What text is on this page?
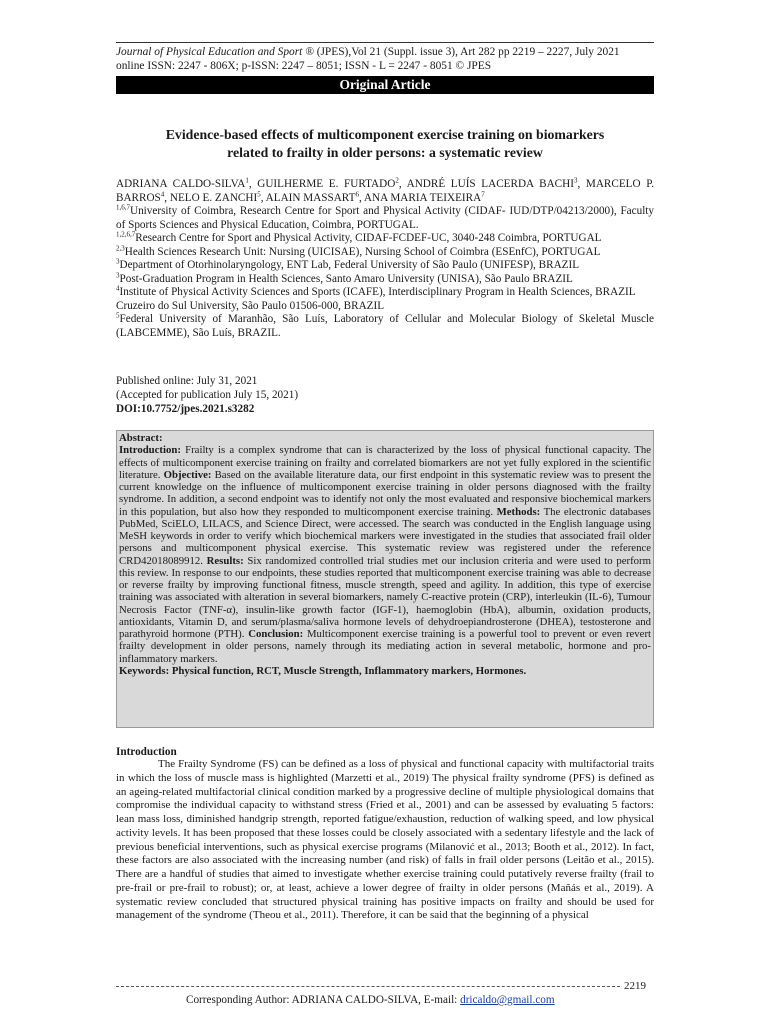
Journal of Physical Education and Sport ® (JPES),Vol 21 (Suppl. issue 3), Art 282 pp 2219 – 2227, July 2021
online ISSN: 2247 - 806X; p-ISSN: 2247 – 8051; ISSN - L = 2247 - 8051 © JPES
Original Article
Evidence-based effects of multicomponent exercise training on biomarkers
related to frailty in older persons: a systematic review

ADRIANA CALDO-SILVA$^1$, GUILHERME E. FURTADO$^2$, ANDRÉ LUÍS LACERDA BACHI$^3$, MARCELO P. BARROS$^4$, NELO E. ZANCHI$^5$, ALAIN MASSART$^6$, ANA MARIA TEIXEIRA$^7$

$^{1,6,7}$University of Coimbra, Research Centre for Sport and Physical Activity (CIDAF- IUD/DTP/04213/2000), Faculty of Sports Sciences and Physical Education, Coimbra, PORTUGAL.

$^{1,2,6,7}$Research Centre for Sport and Physical Activity, CIDAF-FCDEF-UC, 3040-248 Coimbra, PORTUGAL

$^{2,3}$Health Sciences Research Unit: Nursing (UICISAE), Nursing School of Coimbra (ESEnfC), PORTUGAL

$^3$Department of Otorhinolaryngology, ENT Lab, Federal University of São Paulo (UNIFESP), BRAZIL

$^3$Post-Graduation Program in Health Sciences, Santo Amaro University (UNISA), São Paulo BRAZIL

$^4$Institute of Physical Activity Sciences and Sports (ICAFE), Interdisciplinary Program in Health Sciences, BRAZIL

Cruzeiro do Sul University, São Paulo 01506-000, BRAZIL

$^5$Federal University of Maranhão, São Luís, Laboratory of Cellular and Molecular Biology of Skeletal Muscle (LABCEMME), São Luís, BRAZIL.

Published online: July 31, 2021

(Accepted for publication July 15, 2021)

DOI:10.7752/jpes.2021.s3282

Abstract:
Introduction: Frailty is a complex syndrome that can is characterized by the loss of physical functional capacity. The effects of multicomponent exercise training on frailty and correlated biomarkers are not yet fully explored in the scientific literature. Objective: Based on the available literature data, our first endpoint in this systematic review was to present the current knowledge on the influence of multicomponent exercise training in older persons diagnosed with the frailty syndrome. In addition, a second endpoint was to identify not only the most evaluated and responsive biochemical markers in this population, but also how they responded to multicomponent exercise training. Methods: The electronic databases PubMed, SciELO, LILACS, and Science Direct, were accessed. The search was conducted in the English language using MeSH keywords in order to verify which biochemical markers were investigated in the studies that associated frail older persons and multicomponent physical exercise. This systematic review was registered under the reference CRD42018089912. Results: Six randomized controlled trial studies met our inclusion criteria and were used to perform this review. In response to our endpoints, these studies reported that multicomponent exercise training was able to decrease or reverse frailty by improving functional fitness, muscle strength, speed and agility. In addition, this type of exercise training was associated with alteration in several biomarkers, namely C-reactive protein (CRP), interleukin (IL-6), Tumour Necrosis Factor (TNF-α), insulin-like growth factor (IGF-1), haemoglobin (HbA), albumin, oxidation products, antioxidants, Vitamin D, and serum/plasma/saliva hormone levels of dehydroepiandrosterone (DHEA), testosterone and parathyroid hormone (PTH). Conclusion: Multicomponent exercise training is a powerful tool to prevent or even revert frailty development in older persons, namely through its mediating action in several metabolic, hormone and pro-inflammatory markers.
Keywords: Physical function, RCT, Muscle Strength, Inflammatory markers, Hormones.
Introduction

The Frailty Syndrome (FS) can be defined as a loss of physical and functional capacity with multifactorial traits in which the loss of muscle mass is highlighted (Marzetti et al., 2019) The physical frailty syndrome (PFS) is defined as an ageing-related multifactorial clinical condition marked by a progressive decline of multiple physiological domains that compromise the individual capacity to withstand stress (Fried et al., 2001) and can be assessed by evaluating 5 factors: lean mass loss, diminished handgrip strength, reported fatigue/exhaustion, reduction of walking speed, and low physical activity levels. It has been proposed that these losses could be closely associated with a sedentary lifestyle and the lack of previous beneficial interventions, such as physical exercise programs (Milanović et al., 2013; Booth et al., 2012). In fact, these factors are also associated with the increasing number (and risk) of falls in frail older persons (Leitão et al., 2015). There are a handful of studies that aimed to investigate whether exercise training could putatively reverse frailty (frail to pre-frail or pre-frail to robust); or, at least, achieve a lower degree of frailty in older persons (Mañás et al., 2019). A systematic review concluded that structured physical training has positive impacts on frailty and should be used for management of the syndrome (Theou et al., 2011). Therefore, it can be said that the beginning of a physical

2219
Corresponding Author: ADRIANA CALDO-SILVA, E-mail: dricaldo@gmail.com
